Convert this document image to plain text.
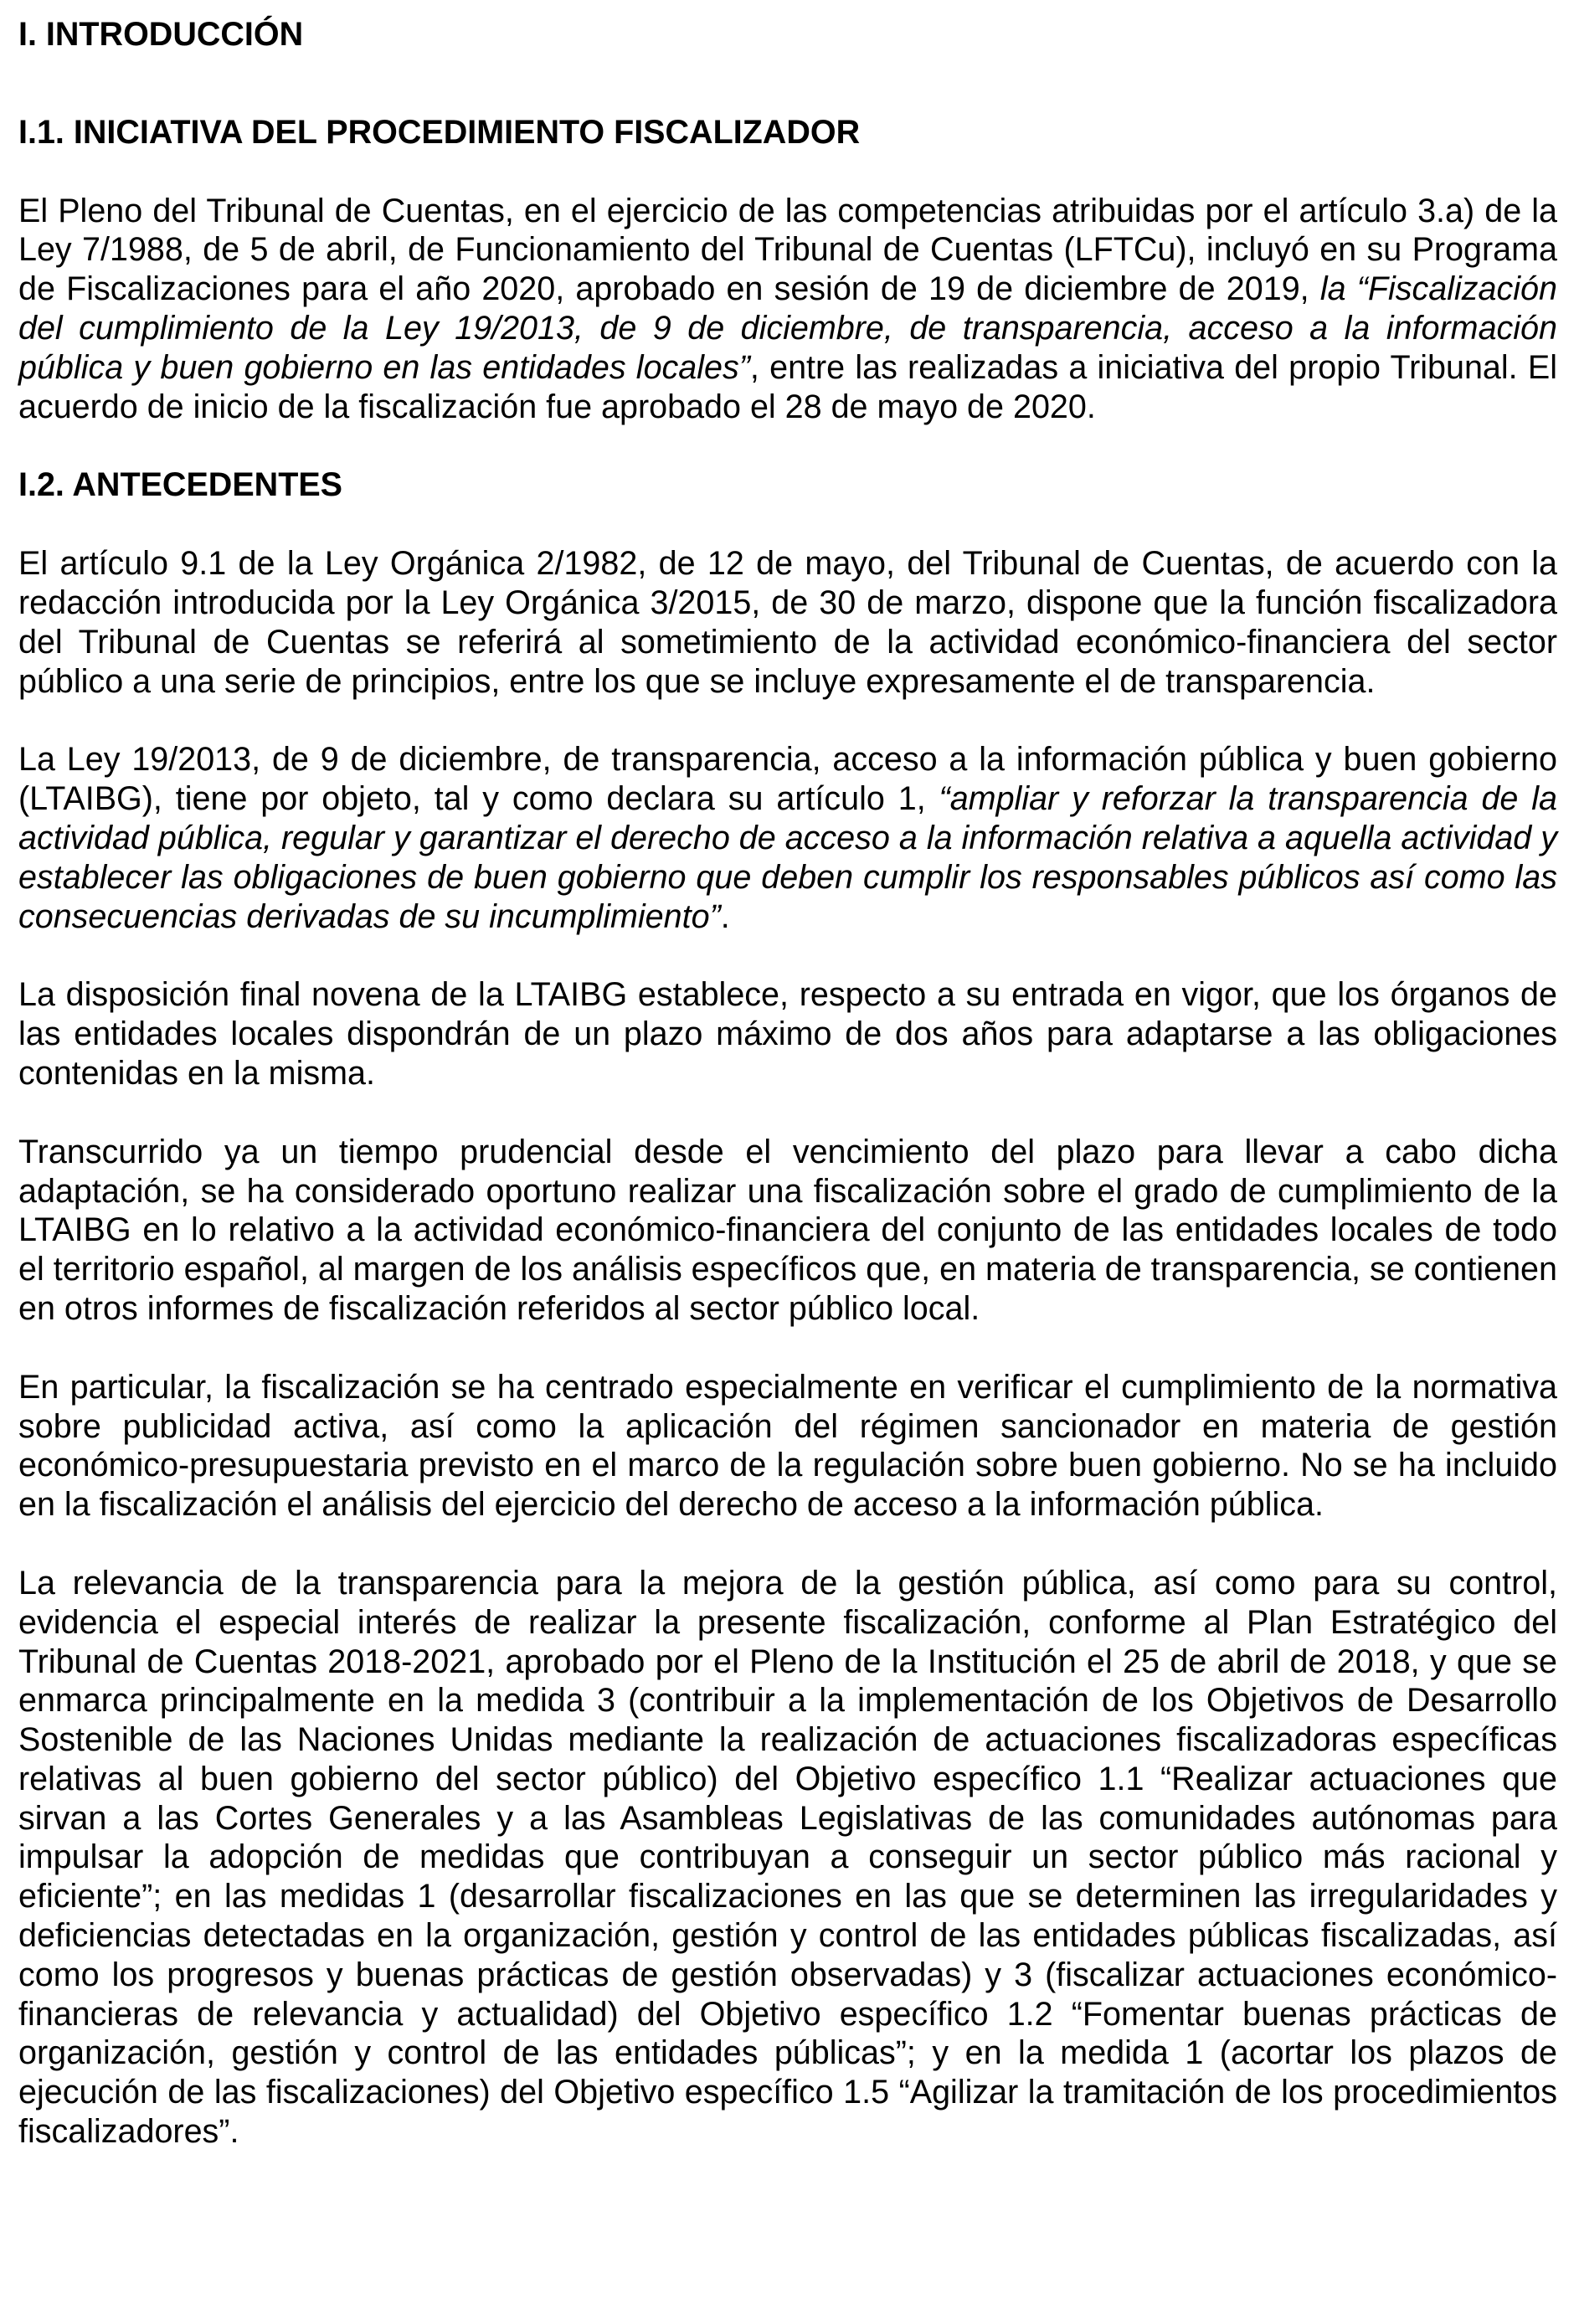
I. INTRODUCCIÓN
I.1. INICIATIVA DEL PROCEDIMIENTO FISCALIZADOR

El Pleno del Tribunal de Cuentas, en el ejercicio de las competencias atribuidas por el artículo 3.a) de la Ley 7/1988, de 5 de abril, de Funcionamiento del Tribunal de Cuentas (LFTCu), incluyó en su Programa de Fiscalizaciones para el año 2020, aprobado en sesión de 19 de diciembre de 2019, la “Fiscalización del cumplimiento de la Ley 19/2013, de 9 de diciembre, de transparencia, acceso a la información pública y buen gobierno en las entidades locales”, entre las realizadas a iniciativa del propio Tribunal. El acuerdo de inicio de la fiscalización fue aprobado el 28 de mayo de 2020.

I.2. ANTECEDENTES

El artículo 9.1 de la Ley Orgánica 2/1982, de 12 de mayo, del Tribunal de Cuentas, de acuerdo con la redacción introducida por la Ley Orgánica 3/2015, de 30 de marzo, dispone que la función fiscalizadora del Tribunal de Cuentas se referirá al sometimiento de la actividad económico-financiera del sector público a una serie de principios, entre los que se incluye expresamente el de transparencia.

La Ley 19/2013, de 9 de diciembre, de transparencia, acceso a la información pública y buen gobierno (LTAIBG), tiene por objeto, tal y como declara su artículo 1, “ampliar y reforzar la transparencia de la actividad pública, regular y garantizar el derecho de acceso a la información relativa a aquella actividad y establecer las obligaciones de buen gobierno que deben cumplir los responsables públicos así como las consecuencias derivadas de su incumplimiento”.

La disposición final novena de la LTAIBG establece, respecto a su entrada en vigor, que los órganos de las entidades locales dispondrán de un plazo máximo de dos años para adaptarse a las obligaciones contenidas en la misma.

Transcurrido ya un tiempo prudencial desde el vencimiento del plazo para llevar a cabo dicha adaptación, se ha considerado oportuno realizar una fiscalización sobre el grado de cumplimiento de la LTAIBG en lo relativo a la actividad económico-financiera del conjunto de las entidades locales de todo el territorio español, al margen de los análisis específicos que, en materia de transparencia, se contienen en otros informes de fiscalización referidos al sector público local.

En particular, la fiscalización se ha centrado especialmente en verificar el cumplimiento de la normativa sobre publicidad activa, así como la aplicación del régimen sancionador en materia de gestión económico-presupuestaria previsto en el marco de la regulación sobre buen gobierno. No se ha incluido en la fiscalización el análisis del ejercicio del derecho de acceso a la información pública.

La relevancia de la transparencia para la mejora de la gestión pública, así como para su control, evidencia el especial interés de realizar la presente fiscalización, conforme al Plan Estratégico del Tribunal de Cuentas 2018-2021, aprobado por el Pleno de la Institución el 25 de abril de 2018, y que se enmarca principalmente en la medida 3 (contribuir a la implementación de los Objetivos de Desarrollo Sostenible de las Naciones Unidas mediante la realización de actuaciones fiscalizadoras específicas relativas al buen gobierno del sector público) del Objetivo específico 1.1 “Realizar actuaciones que sirvan a las Cortes Generales y a las Asambleas Legislativas de las comunidades autónomas para impulsar la adopción de medidas que contribuyan a conseguir un sector público más racional y eficiente”; en las medidas 1 (desarrollar fiscalizaciones en las que se determinen las irregularidades y deficiencias detectadas en la organización, gestión y control de las entidades públicas fiscalizadas, así como los progresos y buenas prácticas de gestión observadas) y 3 (fiscalizar actuaciones económico-financieras de relevancia y actualidad) del Objetivo específico 1.2 “Fomentar buenas prácticas de organización, gestión y control de las entidades públicas”; y en la medida 1 (acortar los plazos de ejecución de las fiscalizaciones) del Objetivo específico 1.5 “Agilizar la tramitación de los procedimientos fiscalizadores”.
